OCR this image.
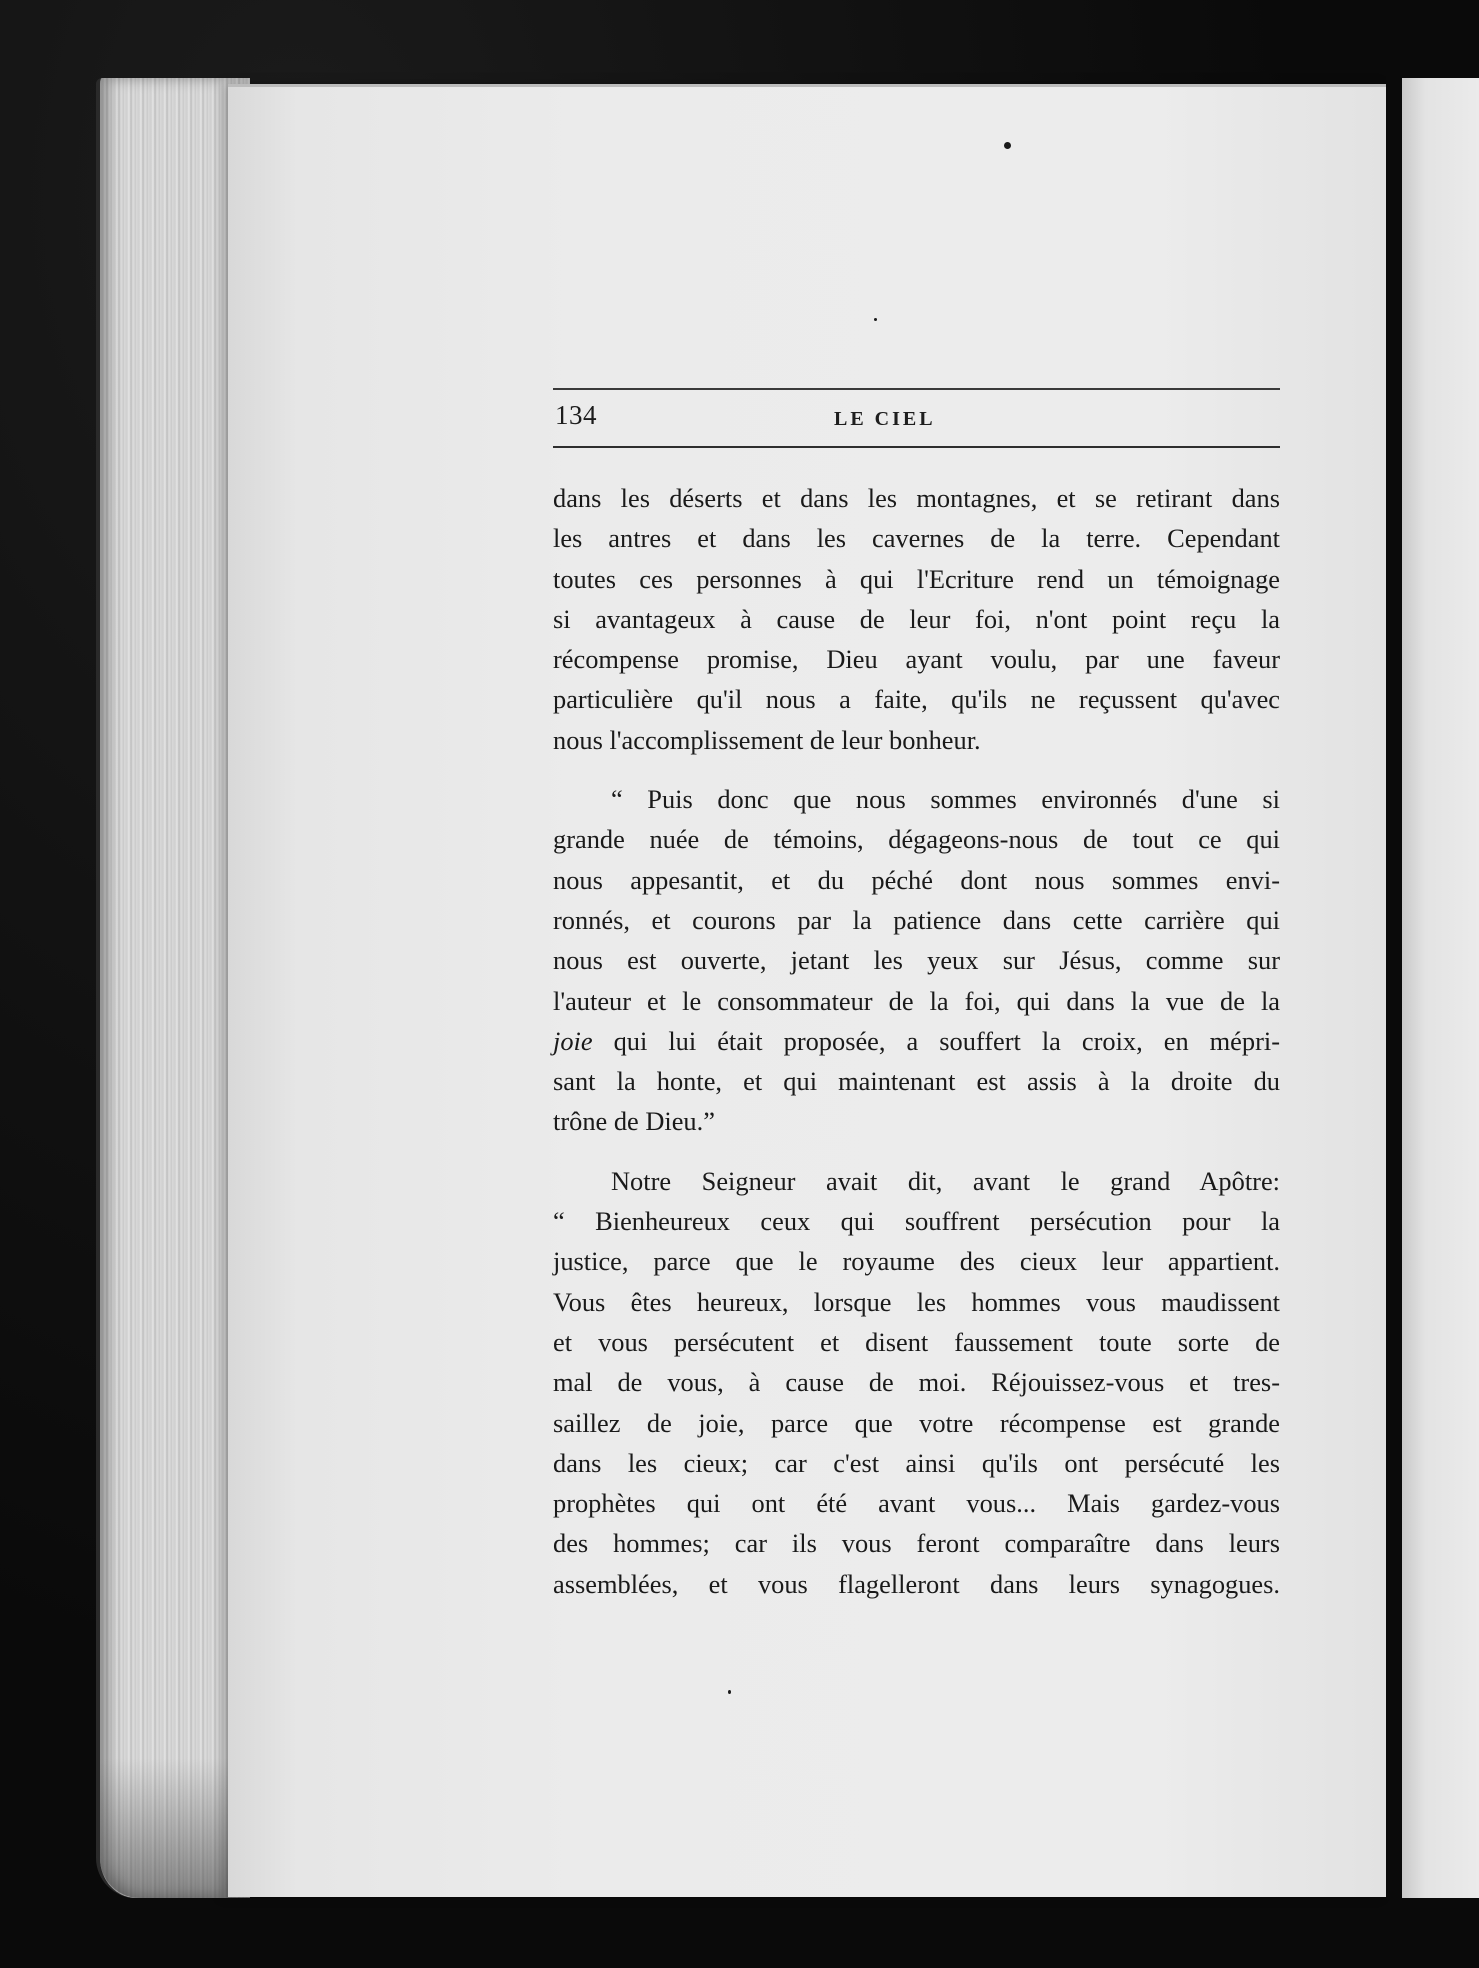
134	LE CIEL

dans les déserts et dans les montagnes, et se retirant dans

les antres et dans les cavernes de la terre. Cependant

toutes ces personnes à qui l'Ecriture rend un témoignage

si avantageux à cause de leur foi, n'ont point reçu la

récompense promise, Dieu ayant voulu, par une faveur

particulière qu'il nous a faite, qu'ils ne reçussent qu'avec

nous l'accomplissement de leur bonheur.

“ Puis donc que nous sommes environnés d'une si

grande nuée de témoins, dégageons-nous de tout ce qui

nous appesantit, et du péché dont nous sommes envi-

ronnés, et courons par la patience dans cette carrière qui

nous est ouverte, jetant les yeux sur Jésus, comme sur

l'auteur et le consommateur de la foi, qui dans la vue de la

joie qui lui était proposée, a souffert la croix, en mépri-

sant la honte, et qui maintenant est assis à la droite du

trône de Dieu.”

Notre Seigneur avait dit, avant le grand Apôtre:

“ Bienheureux ceux qui souffrent persécution pour la

justice, parce que le royaume des cieux leur appartient.

Vous êtes heureux, lorsque les hommes vous maudissent

et vous persécutent et disent faussement toute sorte de

mal de vous, à cause de moi. Réjouissez-vous et tres-

saillez de joie, parce que votre récompense est grande

dans les cieux; car c'est ainsi qu'ils ont persécuté les

prophètes qui ont été avant vous... Mais gardez-vous

des hommes; car ils vous feront comparaître dans leurs

assemblées, et vous flagelleront dans leurs synagogues.
